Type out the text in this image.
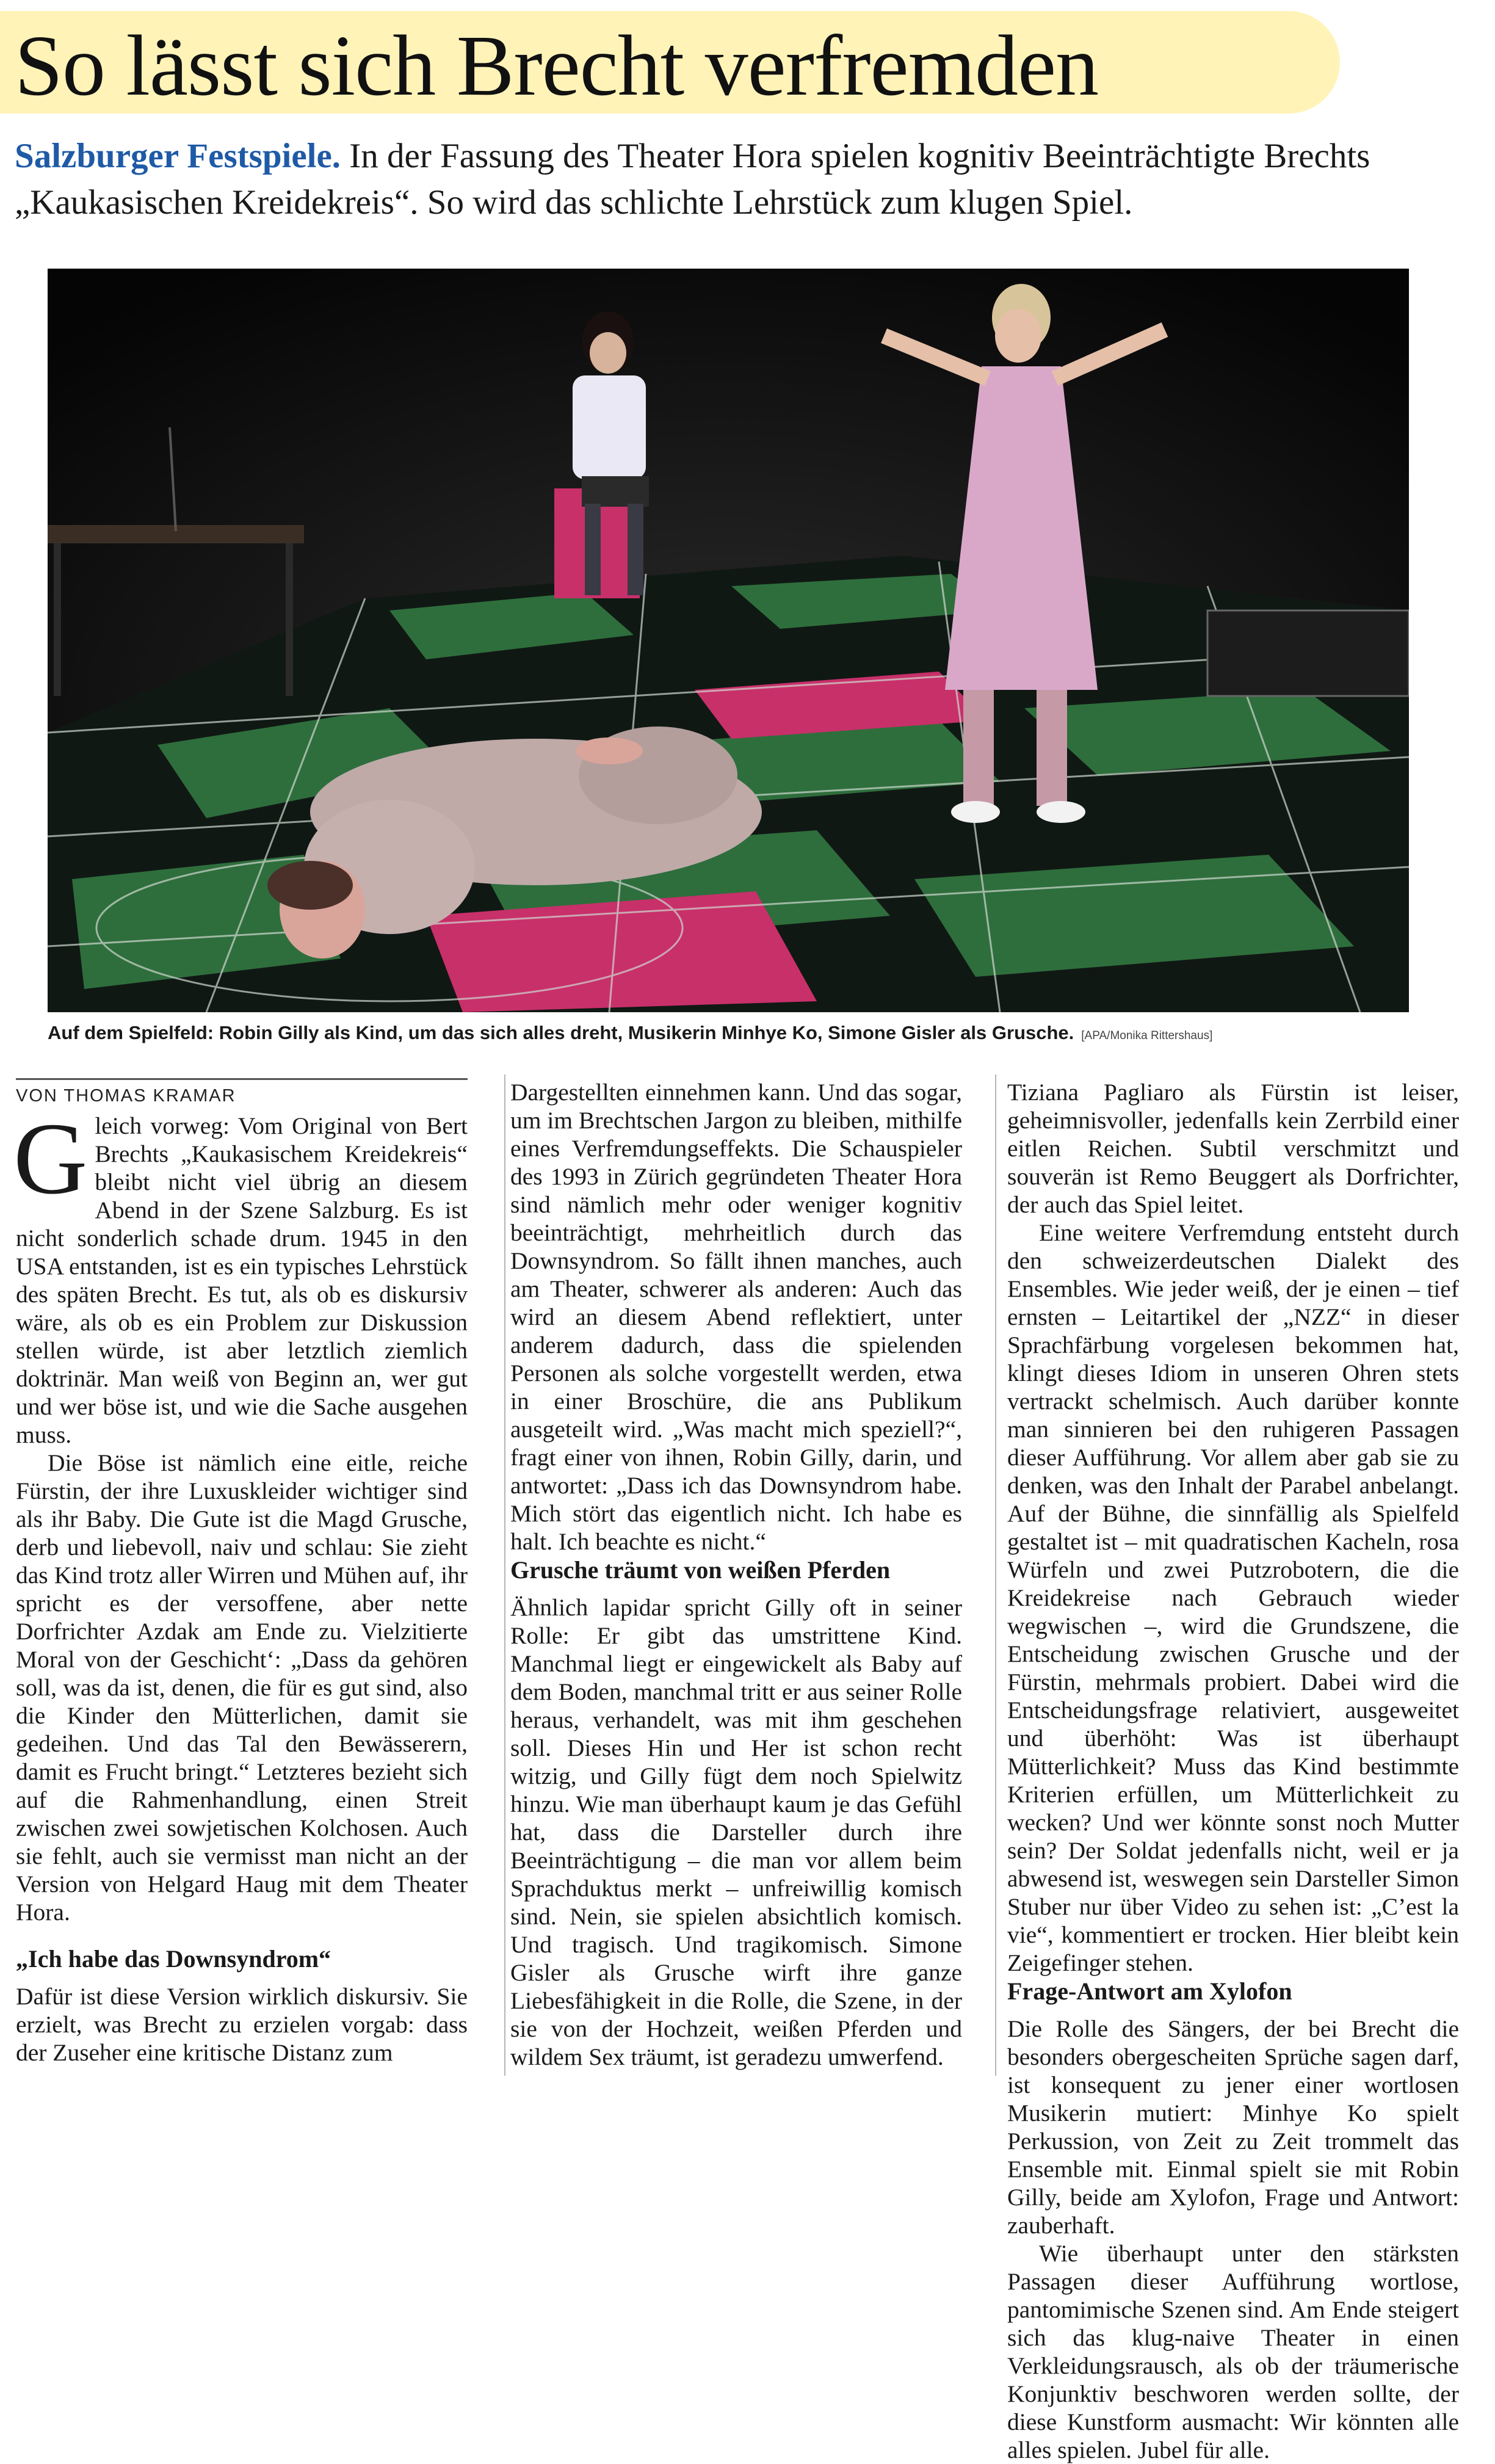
So lässt sich Brecht verfremden

Salzburger Festspiele. In der Fassung des Theater Hora spielen kognitiv Beeinträchtigte Brechts „Kaukasischen Kreidekreis“. So wird das schlichte Lehrstück zum klugen Spiel.

Auf dem Spielfeld: Robin Gilly als Kind, um das sich alles dreht, Musikerin Minhye Ko, Simone Gisler als Grusche. [APA/Monika Rittershaus]
VON THOMAS KRAMAR

Gleich vorweg: Vom Original von Bert Brechts „Kaukasischem Kreidekreis“ bleibt nicht viel übrig an diesem Abend in der Szene Salzburg. Es ist nicht sonderlich schade drum. 1945 in den USA entstanden, ist es ein typisches Lehrstück des späten Brecht. Es tut, als ob es diskursiv wäre, als ob es ein Problem zur Diskussion stellen würde, ist aber letztlich ziemlich doktrinär. Man weiß von Beginn an, wer gut und wer böse ist, und wie die Sache ausgehen muss.

Die Böse ist nämlich eine eitle, reiche Fürstin, der ihre Luxuskleider wichtiger sind als ihr Baby. Die Gute ist die Magd Grusche, derb und liebevoll, naiv und schlau: Sie zieht das Kind trotz aller Wirren und Mühen auf, ihr spricht es der versoffene, aber nette Dorfrichter Azdak am Ende zu. Vielzitierte Moral von der Geschicht‘: „Dass da gehören soll, was da ist, denen, die für es gut sind, also die Kinder den Mütterlichen, damit sie gedeihen. Und das Tal den Bewässerern, damit es Frucht bringt.“ Letzteres bezieht sich auf die Rahmenhandlung, einen Streit zwischen zwei sowjetischen Kolchosen. Auch sie fehlt, auch sie vermisst man nicht an der Version von Helgard Haug mit dem Theater Hora.

„Ich habe das Downsyndrom“

Dafür ist diese Version wirklich diskursiv. Sie erzielt, was Brecht zu erzielen vorgab: dass der Zuseher eine kritische Distanz zum

Dargestellten einnehmen kann. Und das sogar, um im Brechtschen Jargon zu bleiben, mithilfe eines Verfremdungseffekts. Die Schauspieler des 1993 in Zürich gegründeten Theater Hora sind nämlich mehr oder weniger kognitiv beeinträchtigt, mehrheitlich durch das Downsyndrom. So fällt ihnen manches, auch am Theater, schwerer als anderen: Auch das wird an diesem Abend reflektiert, unter anderem dadurch, dass die spielenden Personen als solche vorgestellt werden, etwa in einer Broschüre, die ans Publikum ausgeteilt wird. „Was macht mich speziell?“, fragt einer von ihnen, Robin Gilly, darin, und antwortet: „Dass ich das Downsyndrom habe. Mich stört das eigentlich nicht. Ich habe es halt. Ich beachte es nicht.“

Grusche träumt von weißen Pferden

Ähnlich lapidar spricht Gilly oft in seiner Rolle: Er gibt das umstrittene Kind. Manchmal liegt er eingewickelt als Baby auf dem Boden, manchmal tritt er aus seiner Rolle heraus, verhandelt, was mit ihm geschehen soll. Dieses Hin und Her ist schon recht witzig, und Gilly fügt dem noch Spielwitz hinzu. Wie man überhaupt kaum je das Gefühl hat, dass die Darsteller durch ihre Beeinträchtigung – die man vor allem beim Sprachduktus merkt – unfreiwillig komisch sind. Nein, sie spielen absichtlich komisch. Und tragisch. Und tragikomisch. Simone Gisler als Grusche wirft ihre ganze Liebesfähigkeit in die Rolle, die Szene, in der sie von der Hochzeit, weißen Pferden und wildem Sex träumt, ist geradezu umwerfend.

Tiziana Pagliaro als Fürstin ist leiser, geheimnisvoller, jedenfalls kein Zerrbild einer eitlen Reichen. Subtil verschmitzt und souverän ist Remo Beuggert als Dorfrichter, der auch das Spiel leitet.

Eine weitere Verfremdung entsteht durch den schweizerdeutschen Dialekt des Ensembles. Wie jeder weiß, der je einen – tief ernsten – Leitartikel der „NZZ“ in dieser Sprachfärbung vorgelesen bekommen hat, klingt dieses Idiom in unseren Ohren stets vertrackt schelmisch. Auch darüber konnte man sinnieren bei den ruhigeren Passagen dieser Aufführung. Vor allem aber gab sie zu denken, was den Inhalt der Parabel anbelangt. Auf der Bühne, die sinnfällig als Spielfeld gestaltet ist – mit quadratischen Kacheln, rosa Würfeln und zwei Putzrobotern, die die Kreidekreise nach Gebrauch wieder wegwischen –, wird die Grundszene, die Entscheidung zwischen Grusche und der Fürstin, mehrmals probiert. Dabei wird die Entscheidungsfrage relativiert, ausgeweitet und überhöht: Was ist überhaupt Mütterlichkeit? Muss das Kind bestimmte Kriterien erfüllen, um Mütterlichkeit zu wecken? Und wer könnte sonst noch Mutter sein? Der Soldat jedenfalls nicht, weil er ja abwesend ist, weswegen sein Darsteller Simon Stuber nur über Video zu sehen ist: „C’est la vie“, kommentiert er trocken. Hier bleibt kein Zeigefinger stehen.

Frage-Antwort am Xylofon

Die Rolle des Sängers, der bei Brecht die besonders obergescheiten Sprüche sagen darf, ist konsequent zu jener einer wortlosen Musikerin mutiert: Minhye Ko spielt Perkussion, von Zeit zu Zeit trommelt das Ensemble mit. Einmal spielt sie mit Robin Gilly, beide am Xylofon, Frage und Antwort: zauberhaft.

Wie überhaupt unter den stärksten Passagen dieser Aufführung wortlose, pantomimische Szenen sind. Am Ende steigert sich das klug-naive Theater in einen Verkleidungsrausch, als ob der träumerische Konjunktiv beschworen werden sollte, der diese Kunstform ausmacht: Wir könnten alle alles spielen. Jubel für alle.
